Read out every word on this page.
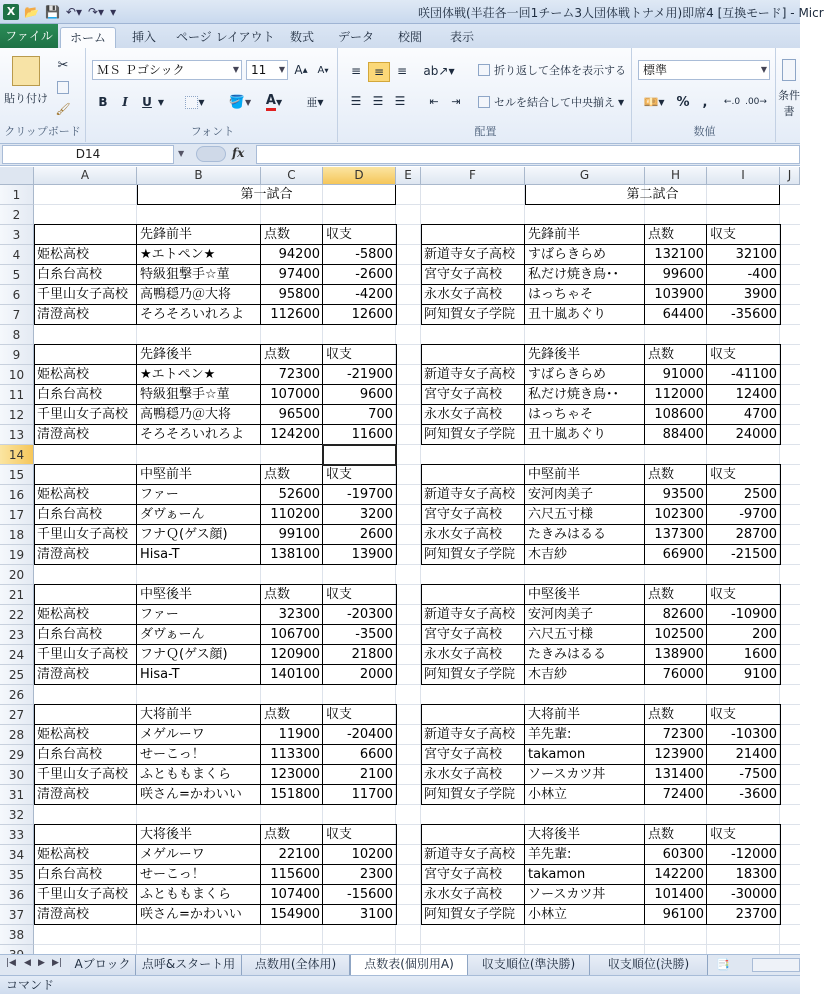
X 📂 💾 ↶▾ ↷▾ ▾	咲団体戦(半荘各一回1チーム3人団体戦トナメ用)即席4 [互換モード] - Micr
ファイル	ホーム	挿入	ページ レイアウト	数式	データ	校閲	表示
貼り付け
✂
🖌
クリップボード
ＭＳ Ｐゴシック	▼	11 ▼ A ▴ A ▾
B	I	U ▼	▼ 🪣 ▼ A ▼	亜 ▼
フォント
≡	≡	≡	ab↗ ▼	折り返して全体を表示する
☰ ☰ ☰	⇤	⇥	セルを結合して中央揃え ▼
配置
標準	▼
💴 ▼ %	,	←.0 .00→
数値
条件
書
D14	▼	fx
A	B	C	D	E	F	G	H	I	J
1
2
3
4
5
6
7
8
9
10
11
12
13
14
15
16
17
18
19
20
21
22
23
24
25
26
27
28
29
30
31
32
33
34
35
36
37
38
第一試合
先鋒前半	点数	収支
姫松高校	★エトペン★	94200	-5800
白糸台高校	特級狙撃手☆菫	97400	-2600
千里山女子高校 高鴨穏乃＠大将	95800	-4200
清澄高校	そろそろいれろよ	112600	12600
先鋒後半	点数	収支
姫松高校	★エトペン★	72300	-21900
白糸台高校	特級狙撃手☆菫	107000	9600
千里山女子高校 高鴨穏乃＠大将	96500	700
清澄高校	そろそろいれろよ	124200	11600
中堅前半	点数	収支
姫松高校	ファー	52600	-19700
白糸台高校	ダヴぁーん	110200	3200
千里山女子高校 フナＱ(ゲス顔)	99100	2600
清澄高校	Hisa-T	138100	13900
中堅後半	点数	収支
姫松高校	ファー	32300	-20300
白糸台高校	ダヴぁーん	106700	-3500
千里山女子高校 フナＱ(ゲス顔)	120900	21800
清澄高校	Hisa-T	140100	2000
大将前半	点数	収支
姫松高校	メゲルーワ	11900	-20400
白糸台高校	せーこっ！	113300	6600
千里山女子高校 ふとももまくら	123000	2100
清澄高校	咲さん=かわいい	151800	11700
大将後半	点数	収支
姫松高校	メゲルーワ	22100	10200
白糸台高校	せーこっ！	115600	2300
千里山女子高校 ふとももまくら	107400	-15600
清澄高校	咲さん=かわいい	154900	3100
第二試合
先鋒前半	点数	収支
新道寺女子高校 すばらきらめ	132100	32100
宮守女子高校	私だけ焼き鳥･･	99600	-400
永水女子高校	はっちゃそ	103900	3900
阿知賀女子学院 丑十嵐あぐり	64400	-35600
先鋒後半	点数	収支
新道寺女子高校 すばらきらめ	91000	-41100
宮守女子高校	私だけ焼き鳥･･	112000	12400
永水女子高校	はっちゃそ	108600	4700
阿知賀女子学院 丑十嵐あぐり	88400	24000
中堅前半	点数	収支
新道寺女子高校 安河肉美子	93500	2500
宮守女子高校	六尺五寸様	102300	-9700
永水女子高校	たきみはるる	137300	28700
阿知賀女子学院 木吉紗	66900	-21500
中堅後半	点数	収支
新道寺女子高校 安河肉美子	82600	-10900
宮守女子高校	六尺五寸様	102500	200
永水女子高校	たきみはるる	138900	1600
阿知賀女子学院 木吉紗	76000	9100
大将前半	点数	収支
新道寺女子高校 羊先輩:	72300	-10300
宮守女子高校	takamon	123900	21400
永水女子高校	ソースカツ丼	131400	-7500
阿知賀女子学院 小林立	72400	-3600
大将後半	点数	収支
新道寺女子高校 羊先輩:	60300	-12000
宮守女子高校	takamon	142200	18300
永水女子高校	ソースカツ丼	101400	-30000
阿知賀女子学院 小林立	96100	23700
|◀ ◀ ▶ ▶|	Aブロック 点呼&スタート用	点数用(全体用)	点数表(個別用A)	収支順位(準決勝)	収支順位(決勝)	📑
コマンド
